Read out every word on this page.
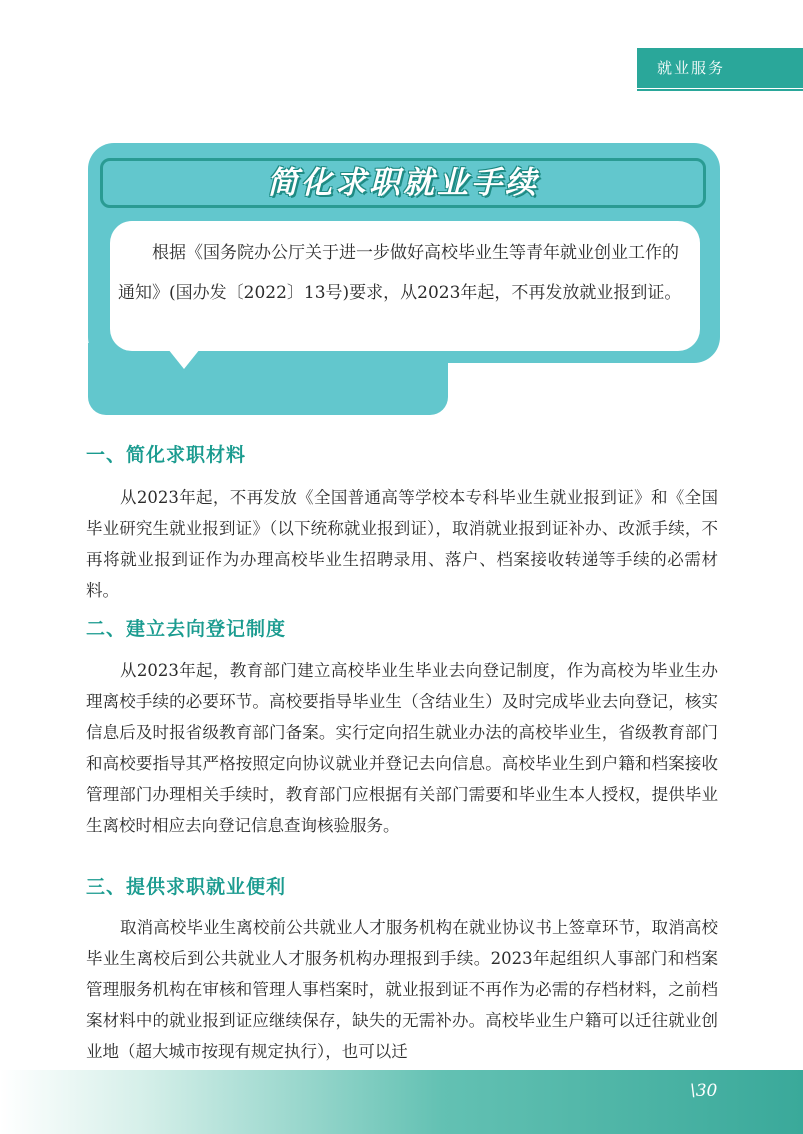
就业服务
简化求职就业手续

根据《国务院办公厅关于进一步做好高校毕业生等青年就业创业工作的通知》(国办发〔2022〕13号)要求，从2023年起，不再发放就业报到证。

一、简化求职材料

从2023年起，不再发放《全国普通高等学校本专科毕业生就业报到证》和《全国毕业研究生就业报到证》（以下统称就业报到证），取消就业报到证补办、改派手续，不再将就业报到证作为办理高校毕业生招聘录用、落户、档案接收转递等手续的必需材料。

二、建立去向登记制度

从2023年起，教育部门建立高校毕业生毕业去向登记制度，作为高校为毕业生办理离校手续的必要环节。高校要指导毕业生（含结业生）及时完成毕业去向登记，核实信息后及时报省级教育部门备案。实行定向招生就业办法的高校毕业生，省级教育部门和高校要指导其严格按照定向协议就业并登记去向信息。高校毕业生到户籍和档案接收管理部门办理相关手续时，教育部门应根据有关部门需要和毕业生本人授权，提供毕业生离校时相应去向登记信息查询核验服务。

三、提供求职就业便利

取消高校毕业生离校前公共就业人才服务机构在就业协议书上签章环节，取消高校毕业生离校后到公共就业人才服务机构办理报到手续。2023年起组织人事部门和档案管理服务机构在审核和管理人事档案时，就业报到证不再作为必需的存档材料，之前档案材料中的就业报到证应继续保存，缺失的无需补办。高校毕业生户籍可以迁往就业创业地（超大城市按现有规定执行），也可以迁

\30
